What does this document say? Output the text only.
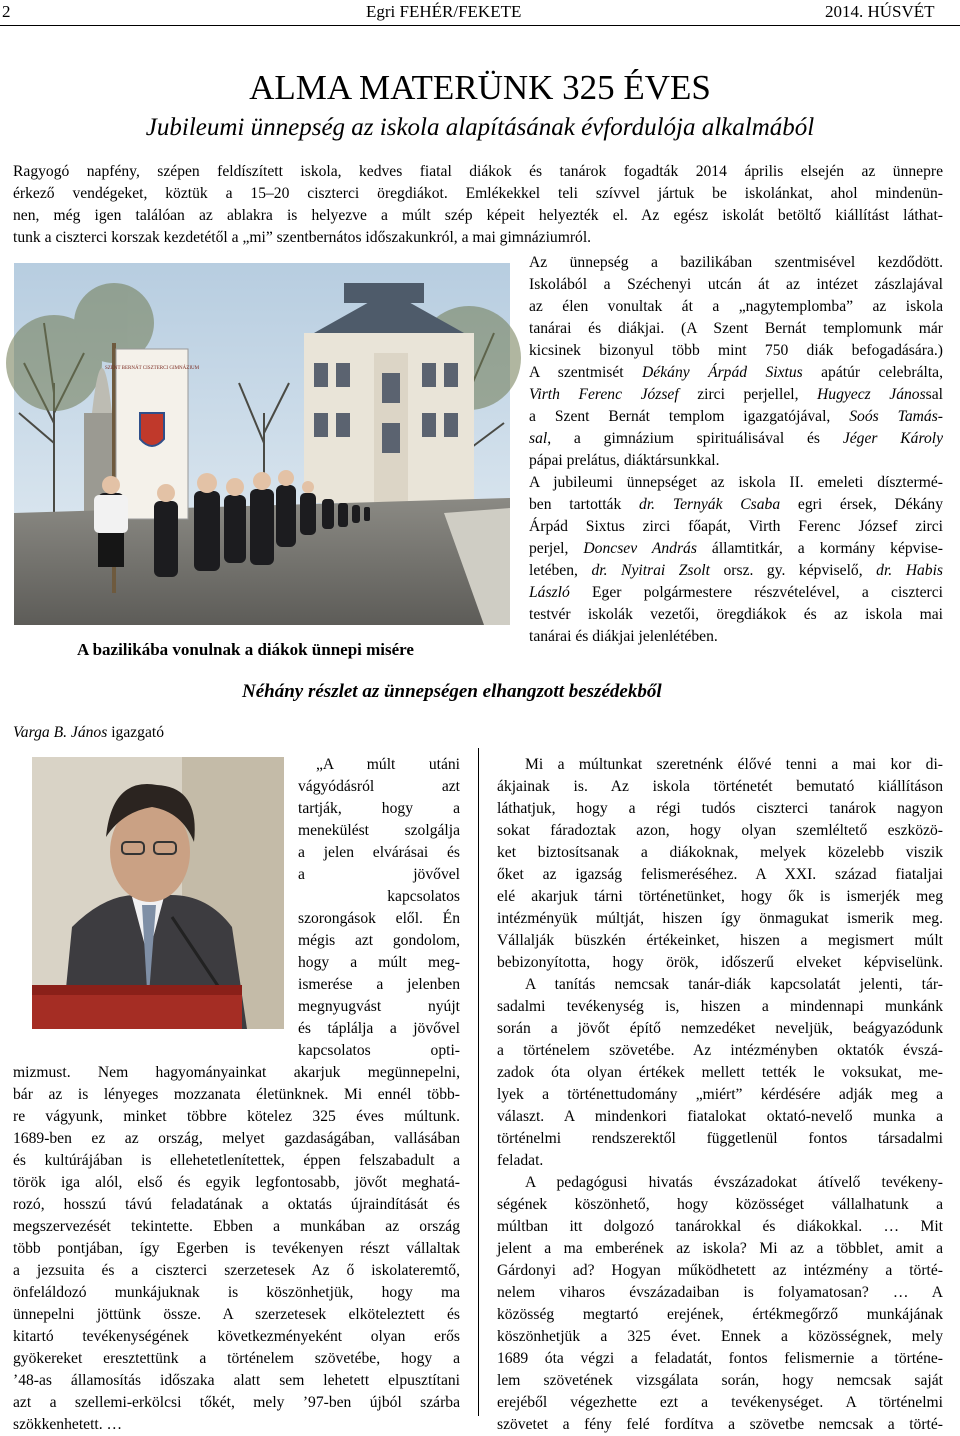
2	Egri FEHÉR/FEKETE	2014. HÚSVÉT
ALMA MATERÜNK 325 ÉVES
Jubileumi ünnepség az iskola alapításának évfordulója alkalmából
Ragyogó napfény, szépen feldíszített iskola, kedves fiatal diákok és tanárok fogadták 2014 április elsején az ünnepre
érkező vendégeket, köztük a 15–20 ciszterci öregdiákot. Emlékekkel teli szívvel jártuk be iskolánkat, ahol mindenün-
nen, még igen találóan az ablakra is helyezve a múlt szép képeit helyezték el. Az egész iskolát betöltő kiállítást láthat-
tunk a ciszterci korszak kezdetétől a „mi” szentbernátos időszakunkról, a mai gimnáziumról.
SZENT BERNÁT CISZTERCI GIMNÁZIUM
A bazilikába vonulnak a diákok ünnepi misére
Az ünnepség a bazilikában szentmisével kezdődött.
Iskolából a Széchenyi utcán át az intézet zászlajával
az élen vonultak át a „nagytemplomba” az iskola
tanárai és diákjai. (A Szent Bernát templomunk már
kicsinek bizonyul több mint 750 diák befogadására.)
A szentmisét Dékány Árpád Sixtus apátúr celebrálta,
Virth Ferenc József zirci perjellel, Hugyecz Jánossal
a Szent Bernát templom igazgatójával, Soós Tamás-
sal, a gimnázium spirituálisával és Jéger Károly
pápai prelátus, diáktársunkkal.
A jubileumi ünnepséget az iskola II. emeleti dísztermé-
ben tartották dr. Ternyák Csaba egri érsek, Dékány
Árpád Sixtus zirci főapát, Virth Ferenc József zirci
perjel, Doncsev András államtitkár, a kormány képvise-
letében, dr. Nyitrai Zsolt orsz. gy. képviselő, dr. Habis
László Eger polgármestere részvételével, a ciszterci
testvér iskolák vezetői, öregdiákok és az iskola mai
tanárai és diákjai jelenlétében.
Néhány részlet az ünnepségen elhangzott beszédekből
Varga B. János igazgató
„A múlt utáni
vágyódásról azt
tartják, hogy a
menekülést szolgálja
a jelen elvárásai és
a jövővel
kapcsolatos
szorongások elől. Én
mégis azt gondolom,
hogy a múlt meg-
ismerése a jelenben
megnyugvást nyújt
és táplálja a jövővel
kapcsolatos opti-
mizmust. Nem hagyományainkat akarjuk megünnepelni,
bár az is lényeges mozzanata életünknek. Mi ennél több-
re vágyunk, minket többre kötelez 325 éves múltunk.
1689-ben ez az ország, melyet gazdaságában, vallásában
és kultúrájában is ellehetetlenítettek, éppen felszabadult a
török iga alól, első és egyik legfontosabb, jövőt meghatá-
rozó, hosszú távú feladatának a oktatás újraindítását és
megszervezését tekintette. Ebben a munkában az ország
több pontjában, így Egerben is tevékenyen részt vállaltak
a jezsuita és a ciszterci szerzetesek Az ő iskolateremtő,
önfeláldozó munkájuknak is köszönhetjük, hogy ma
ünnepelni jöttünk össze. A szerzetesek elköteleztett és
kitartó tevékenységének következményeként olyan erős
gyökereket eresztettünk a történelem szövetébe, hogy a
’48-as államosítás időszaka alatt sem lehetett elpusztítani
azt a szellemi-erkölcsi tőkét, mely ’97-ben újból szárba
szökkenhetett. …
Mi a múltunkat szeretnénk élővé tenni a mai kor di-
ákjainak is. Az iskola történetét bemutató kiállításon
láthatjuk, hogy a régi tudós ciszterci tanárok nagyon
sokat fáradoztak azon, hogy olyan szemléltető eszközö-
ket biztosítsanak a diákoknak, melyek közelebb viszik
őket az igazság felismeréséhez. A XXI. század fiataljai
elé akarjuk tárni történetünket, hogy ők is ismerjék meg
intézményük múltját, hiszen így önmagukat ismerik meg.
Vállalják büszkén értékeinket, hiszen a megismert múlt
bebizonyította, hogy örök, időszerű elveket képviselünk.
A tanítás nemcsak tanár-diák kapcsolatát jelenti, tár-
sadalmi tevékenység is, hiszen a mindennapi munkánk
során a jövőt építő nemzedéket neveljük, beágyazódunk
a történelem szövetébe. Az intézményben oktatók évszá-
zadok óta olyan értékek mellett tették le voksukat, me-
lyek a történettudomány „miért” kérdésére adják meg a
választ. A mindenkori fiatalokat oktató-nevelő munka a
történelmi rendszerektől függetlenül fontos társadalmi
feladat.
A pedagógusi hivatás évszázadokat átívelő tevékeny-
ségének köszönhető, hogy közösséget vállalhatunk a
múltban itt dolgozó tanárokkal és diákokkal. … Mit
jelent a ma emberének az iskola? Mi az a többlet, amit a
Gárdonyi ad? Hogyan működhetett az intézmény a törté-
nelem viharos évszázadaiban is folyamatosan? … A
közösség megtartó erejének, értékmegőrző munkájának
köszönhetjük a 325 évet. Ennek a közösségnek, mely
1689 óta végzi a feladatát, fontos felismernie a történe-
lem szövetének vizsgálata során, hogy nemcsak saját
erejéből végezhette ezt a tevékenységet. A történelmi
szövetet a fény felé fordítva a szövetbe nemcsak a törté-
